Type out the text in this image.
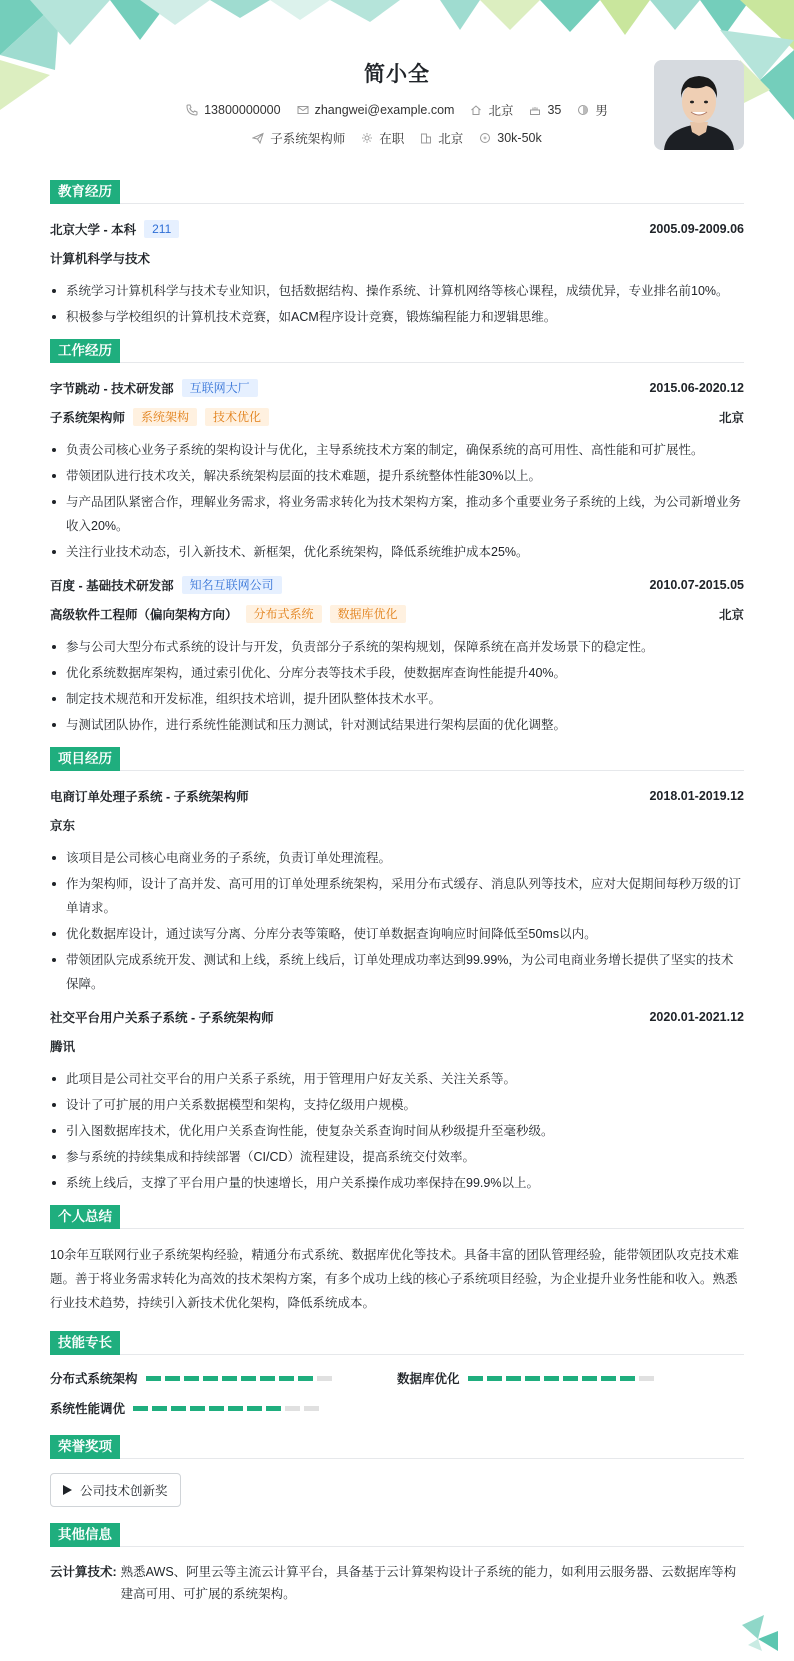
简小全
13800000000	zhangwei@example.com	北京	35	男
子系统架构师	在职	北京	30k-50k
教育经历
北京大学 - 本科	211	2005.09-2009.06
计算机科学与技术
系统学习计算机科学与技术专业知识，包括数据结构、操作系统、计算机网络等核心课程，成绩优异，专业排名前10%。
积极参与学校组织的计算机技术竞赛，如ACM程序设计竞赛，锻炼编程能力和逻辑思维。
工作经历
字节跳动 - 技术研发部	互联网大厂	2015.06-2020.12
子系统架构师	系统架构	技术优化	北京
负责公司核心业务子系统的架构设计与优化，主导系统技术方案的制定，确保系统的高可用性、高性能和可扩展性。
带领团队进行技术攻关，解决系统架构层面的技术难题，提升系统整体性能30%以上。
与产品团队紧密合作，理解业务需求，将业务需求转化为技术架构方案，推动多个重要业务子系统的上线，为公司新增业务收入20%。
关注行业技术动态，引入新技术、新框架，优化系统架构，降低系统维护成本25%。
百度 - 基础技术研发部	知名互联网公司	2010.07-2015.05
高级软件工程师（偏向架构方向）	分布式系统	数据库优化	北京
参与公司大型分布式系统的设计与开发，负责部分子系统的架构规划，保障系统在高并发场景下的稳定性。
优化系统数据库架构，通过索引优化、分库分表等技术手段，使数据库查询性能提升40%。
制定技术规范和开发标准，组织技术培训，提升团队整体技术水平。
与测试团队协作，进行系统性能测试和压力测试，针对测试结果进行架构层面的优化调整。
项目经历
电商订单处理子系统 - 子系统架构师	2018.01-2019.12
京东
该项目是公司核心电商业务的子系统，负责订单处理流程。
作为架构师，设计了高并发、高可用的订单处理系统架构，采用分布式缓存、消息队列等技术，应对大促期间每秒万级的订单请求。
优化数据库设计，通过读写分离、分库分表等策略，使订单数据查询响应时间降低至50ms以内。
带领团队完成系统开发、测试和上线，系统上线后，订单处理成功率达到99.99%，为公司电商业务增长提供了坚实的技术保障。
社交平台用户关系子系统 - 子系统架构师	2020.01-2021.12
腾讯
此项目是公司社交平台的用户关系子系统，用于管理用户好友关系、关注关系等。
设计了可扩展的用户关系数据模型和架构，支持亿级用户规模。
引入图数据库技术，优化用户关系查询性能，使复杂关系查询时间从秒级提升至毫秒级。
参与系统的持续集成和持续部署（CI/CD）流程建设，提高系统交付效率。
系统上线后，支撑了平台用户量的快速增长，用户关系操作成功率保持在99.9%以上。
个人总结

10余年互联网行业子系统架构经验，精通分布式系统、数据库优化等技术。具备丰富的团队管理经验，能带领团队攻克技术难题。善于将业务需求转化为高效的技术架构方案，有多个成功上线的核心子系统项目经验，为企业提升业务性能和收入。熟悉行业技术趋势，持续引入新技术优化架构，降低系统成本。

技能专长
分布式系统架构	数据库优化
系统性能调优
荣誉奖项
公司技术创新奖
其他信息
云计算技术: 熟悉AWS、阿里云等主流云计算平台，具备基于云计算架构设计子系统的能力，如利用云服务器、云数据库等构建高可用、可扩展的系统架构。
